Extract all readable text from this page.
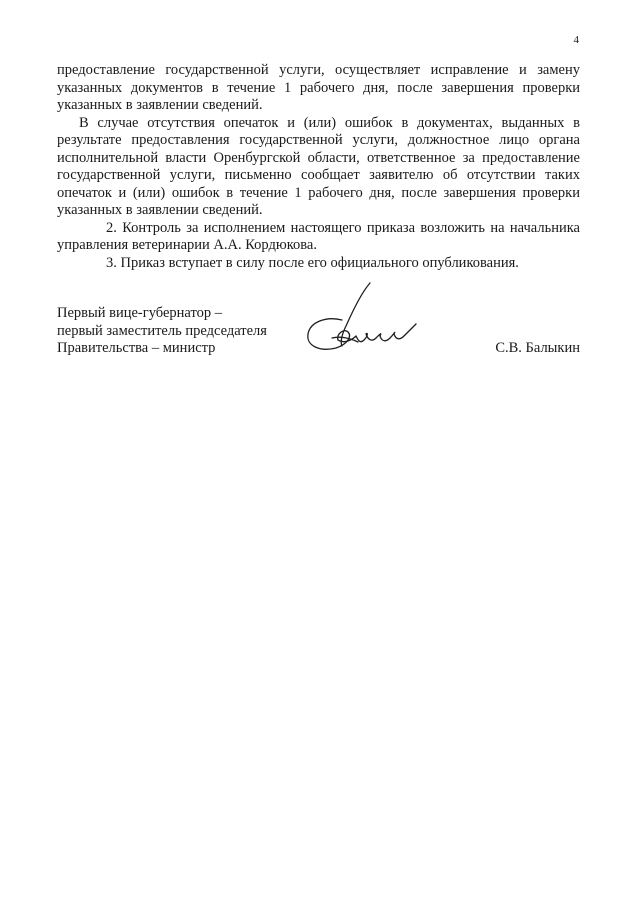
4

предоставление государственной услуги, осуществляет исправление и замену указанных документов в течение 1 рабочего дня, после завершения проверки указанных в заявлении сведений.

В случае отсутствия опечаток и (или) ошибок в документах, выданных в результате предоставления государственной услуги, должностное лицо органа исполнительной власти Оренбургской области, ответственное за предоставление государственной услуги, письменно сообщает заявителю об отсутствии таких опечаток и (или) ошибок в течение 1 рабочего дня, после завершения проверки указанных в заявлении сведений.

2. Контроль за исполнением настоящего приказа возложить на начальника управления ветеринарии А.А. Кордюкова.

3. Приказ вступает в силу после его официального опубликования.

Первый вице-губернатор –
первый заместитель председателя
Правительства – министр	С.В. Балыкин
